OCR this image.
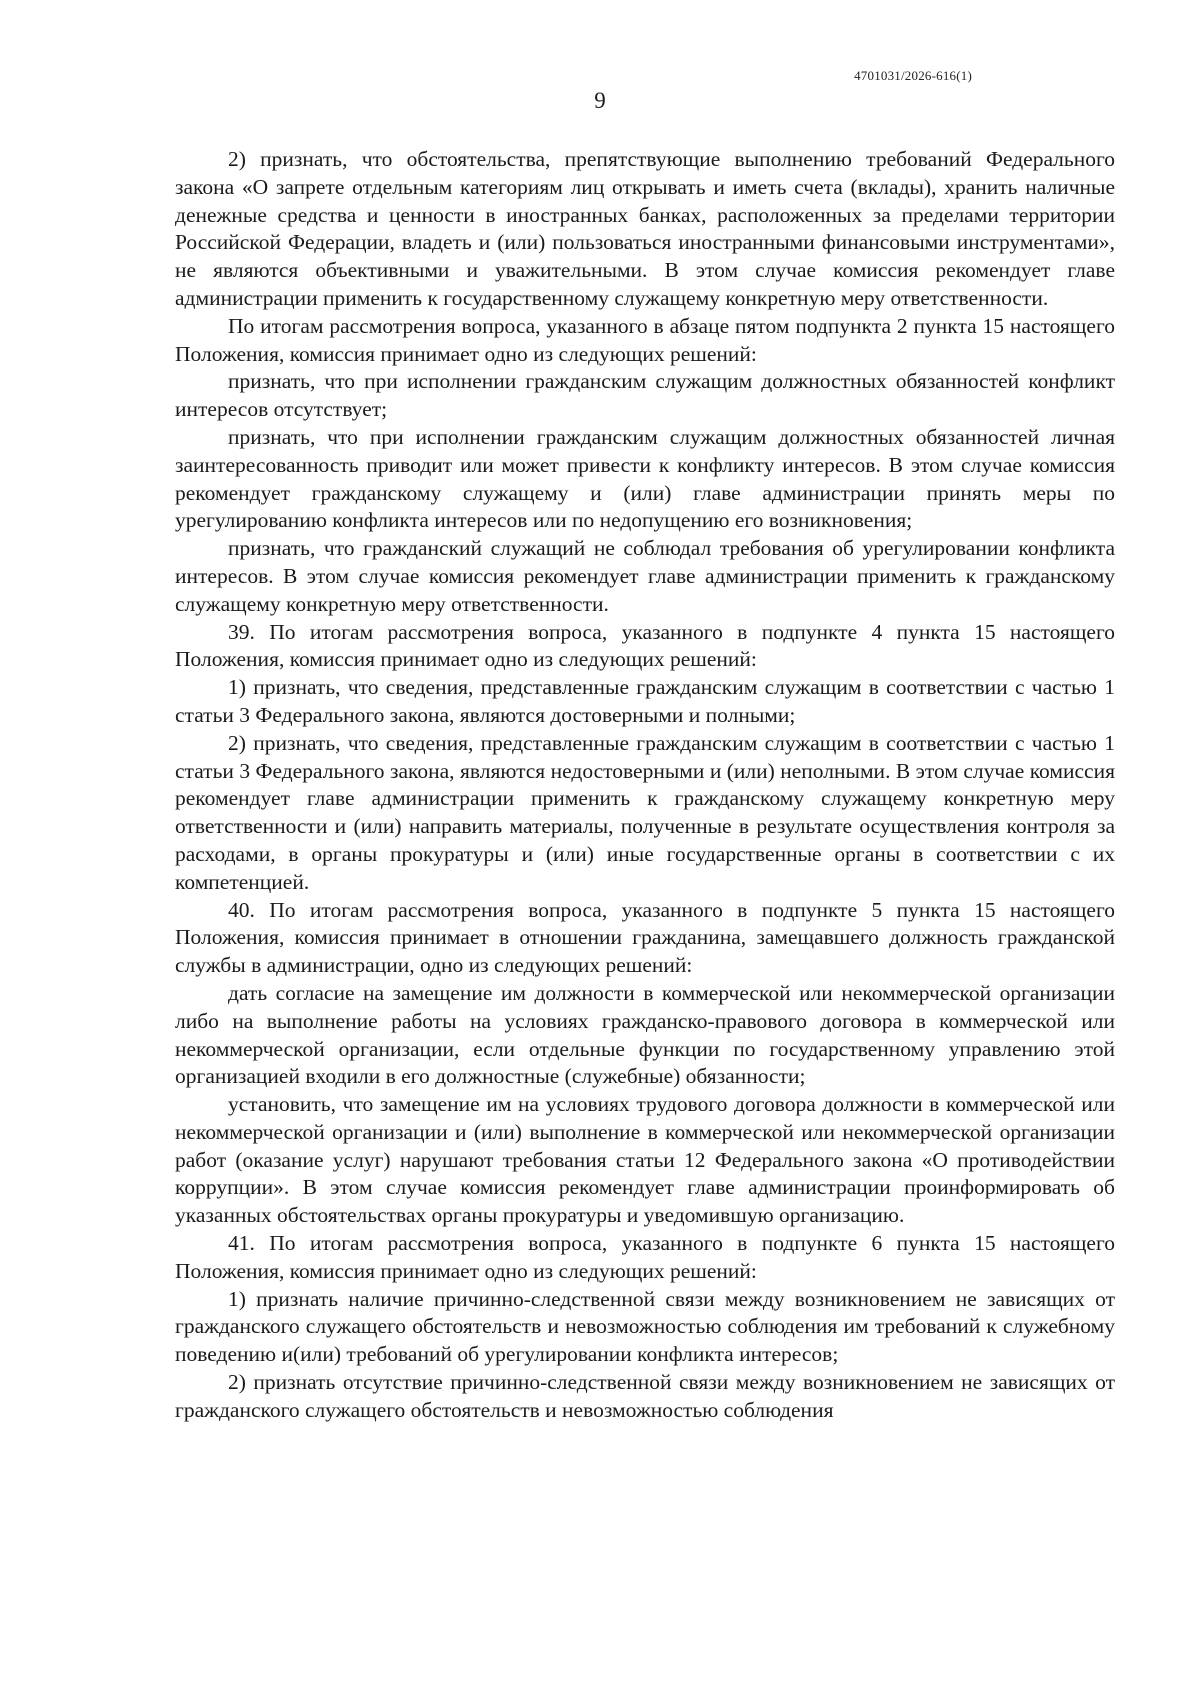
4701031/2026-616(1)
9

2) признать, что обстоятельства, препятствующие выполнению требований Федерального закона «О запрете отдельным категориям лиц открывать и иметь счета (вклады), хранить наличные денежные средства и ценности в иностранных банках, расположенных за пределами территории Российской Федерации, владеть и (или) пользоваться иностранными финансовыми инструментами», не являются объективными и уважительными. В этом случае комиссия рекомендует главе администрации применить к государственному служащему конкретную меру ответственности.

По итогам рассмотрения вопроса, указанного в абзаце пятом подпункта 2 пункта 15 настоящего Положения, комиссия принимает одно из следующих решений:

признать, что при исполнении гражданским служащим должностных обязанностей конфликт интересов отсутствует;

признать, что при исполнении гражданским служащим должностных обязанностей личная заинтересованность приводит или может привести к конфликту интересов. В этом случае комиссия рекомендует гражданскому служащему и (или) главе администрации принять меры по урегулированию конфликта интересов или по недопущению его возникновения;

признать, что гражданский служащий не соблюдал требования об урегулировании конфликта интересов. В этом случае комиссия рекомендует главе администрации применить к гражданскому служащему конкретную меру ответственности.

39. По итогам рассмотрения вопроса, указанного в подпункте 4 пункта 15 настоящего Положения, комиссия принимает одно из следующих решений:

1) признать, что сведения, представленные гражданским служащим в соответствии с частью 1 статьи 3 Федерального закона, являются достоверными и полными;

2) признать, что сведения, представленные гражданским служащим в соответствии с частью 1 статьи 3 Федерального закона, являются недостоверными и (или) неполными. В этом случае комиссия рекомендует главе администрации применить к гражданскому служащему конкретную меру ответственности и (или) направить материалы, полученные в результате осуществления контроля за расходами, в органы прокуратуры и (или) иные государственные органы в соответствии с их компетенцией.

40. По итогам рассмотрения вопроса, указанного в подпункте 5 пункта 15 настоящего Положения, комиссия принимает в отношении гражданина, замещавшего должность гражданской службы в администрации, одно из следующих решений:

дать согласие на замещение им должности в коммерческой или некоммерческой организации либо на выполнение работы на условиях гражданско-правового договора в коммерческой или некоммерческой организации, если отдельные функции по государственному управлению этой организацией входили в его должностные (служебные) обязанности;

установить, что замещение им на условиях трудового договора должности в коммерческой или некоммерческой организации и (или) выполнение в коммерческой или некоммерческой организации работ (оказание услуг) нарушают требования статьи 12 Федерального закона «О противодействии коррупции». В этом случае комиссия рекомендует главе администрации проинформировать об указанных обстоятельствах органы прокуратуры и уведомившую организацию.

41. По итогам рассмотрения вопроса, указанного в подпункте 6 пункта 15 настоящего Положения, комиссия принимает одно из следующих решений:

1) признать наличие причинно-следственной связи между возникновением не зависящих от гражданского служащего обстоятельств и невозможностью соблюдения им требований к служебному поведению и(или) требований об урегулировании конфликта интересов;

2) признать отсутствие причинно-следственной связи между возникновением не зависящих от гражданского служащего обстоятельств и невозможностью соблюдения
